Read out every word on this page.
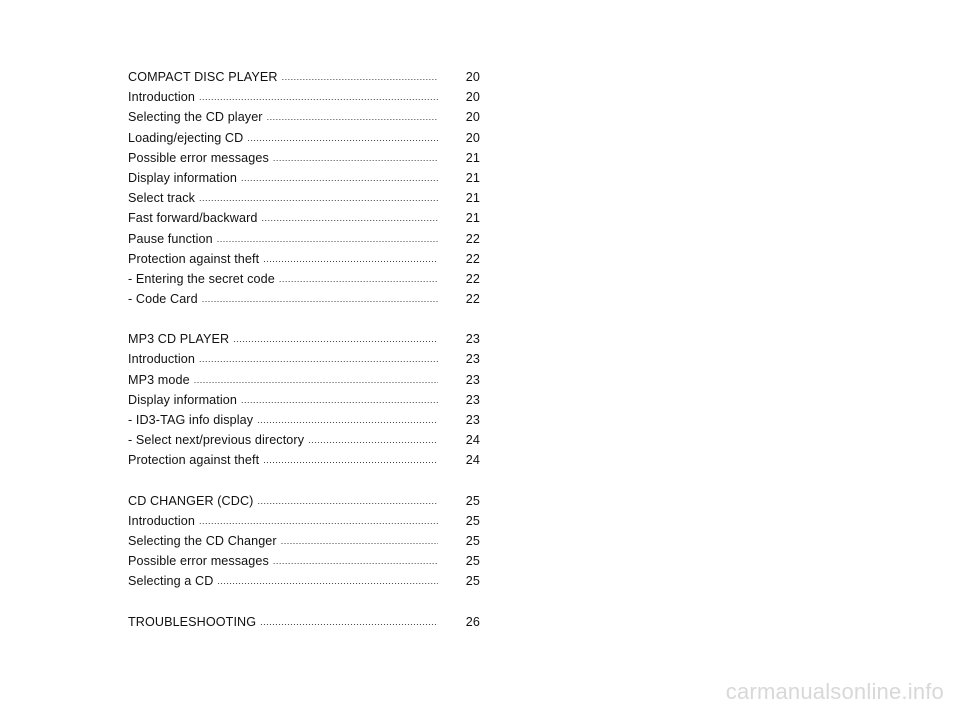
COMPACT DISC PLAYER .....	20
Introduction .....	20
Selecting the CD player .....	20
Loading/ejecting CD .....	20
Possible error messages .....	21
Display information .....	21
Select track .....	21
Fast forward/backward .....	21
Pause function .....	22
Protection against theft .....	22
- Entering the secret code .....	22
- Code Card .....	22
MP3 CD PLAYER .....	23
Introduction .....	23
MP3 mode .....	23
Display information .....	23
- ID3-TAG info display .....	23
- Select next/previous directory .....	24
Protection against theft .....	24
CD CHANGER (CDC) .....	25
Introduction .....	25
Selecting the CD Changer .....	25
Possible error messages .....	25
Selecting a CD .....	25
TROUBLESHOOTING .....	26
carmanualsonline.info
